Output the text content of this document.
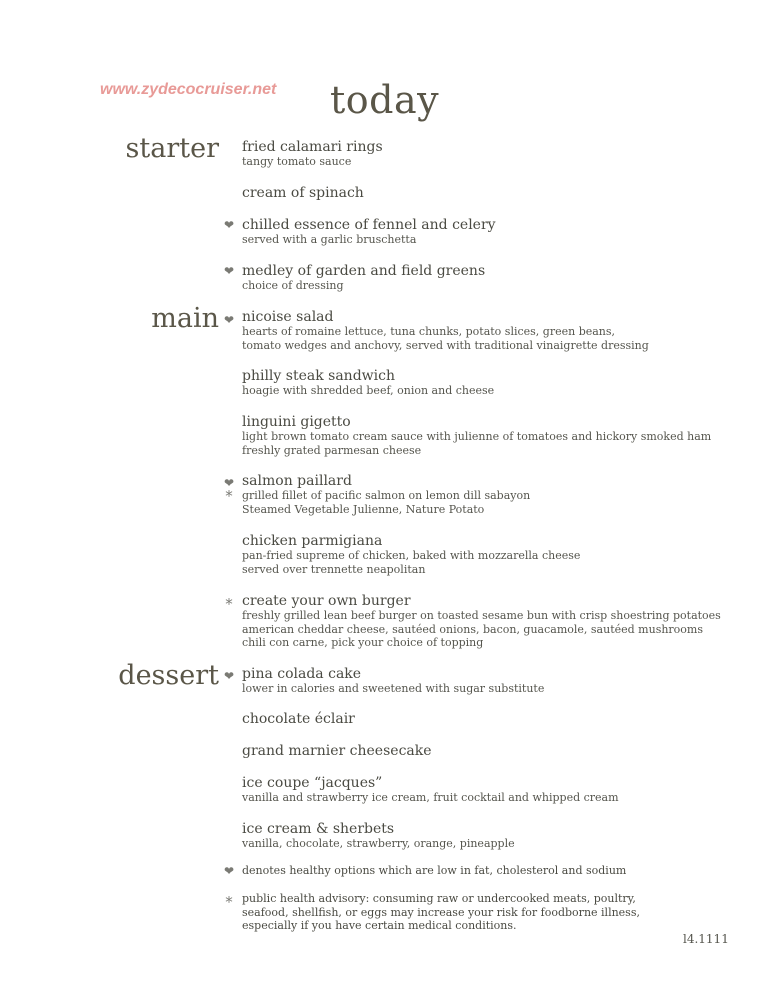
www.zydecocruiser.net today
starter
main
dessert
fried calamari rings
tangy tomato sauce
cream of spinach
chilled essence of fennel and celery
served with a garlic bruschetta
medley of garden and field greens
choice of dressing
nicoise salad
hearts of romaine lettuce, tuna chunks, potato slices, green beans,
tomato wedges and anchovy, served with traditional vinaigrette dressing
philly steak sandwich
hoagie with shredded beef, onion and cheese
linguini gigetto
light brown tomato cream sauce with julienne of tomatoes and hickory smoked ham
freshly grated parmesan cheese
salmon paillard
grilled fillet of pacific salmon on lemon dill sabayon
Steamed Vegetable Julienne, Nature Potato
chicken parmigiana
pan-fried supreme of chicken, baked with mozzarella cheese
served over trennette neapolitan
create your own burger
freshly grilled lean beef burger on toasted sesame bun with crisp shoestring potatoes
american cheddar cheese, sautéed onions, bacon, guacamole, sautéed mushrooms
chili con carne, pick your choice of topping
pina colada cake
lower in calories and sweetened with sugar substitute
chocolate éclair
grand marnier cheesecake
ice coupe “jacques”
vanilla and strawberry ice cream, fruit cocktail and whipped cream
ice cream & sherbets
vanilla, chocolate, strawberry, orange, pineapple
❤
❤
❤
❤
*
*
❤
❤
*
denotes healthy options which are low in fat, cholesterol and sodium
public health advisory: consuming raw or undercooked meats, poultry,
seafood, shellfish, or eggs may increase your risk for foodborne illness,
especially if you have certain medical conditions.
l4.1111
